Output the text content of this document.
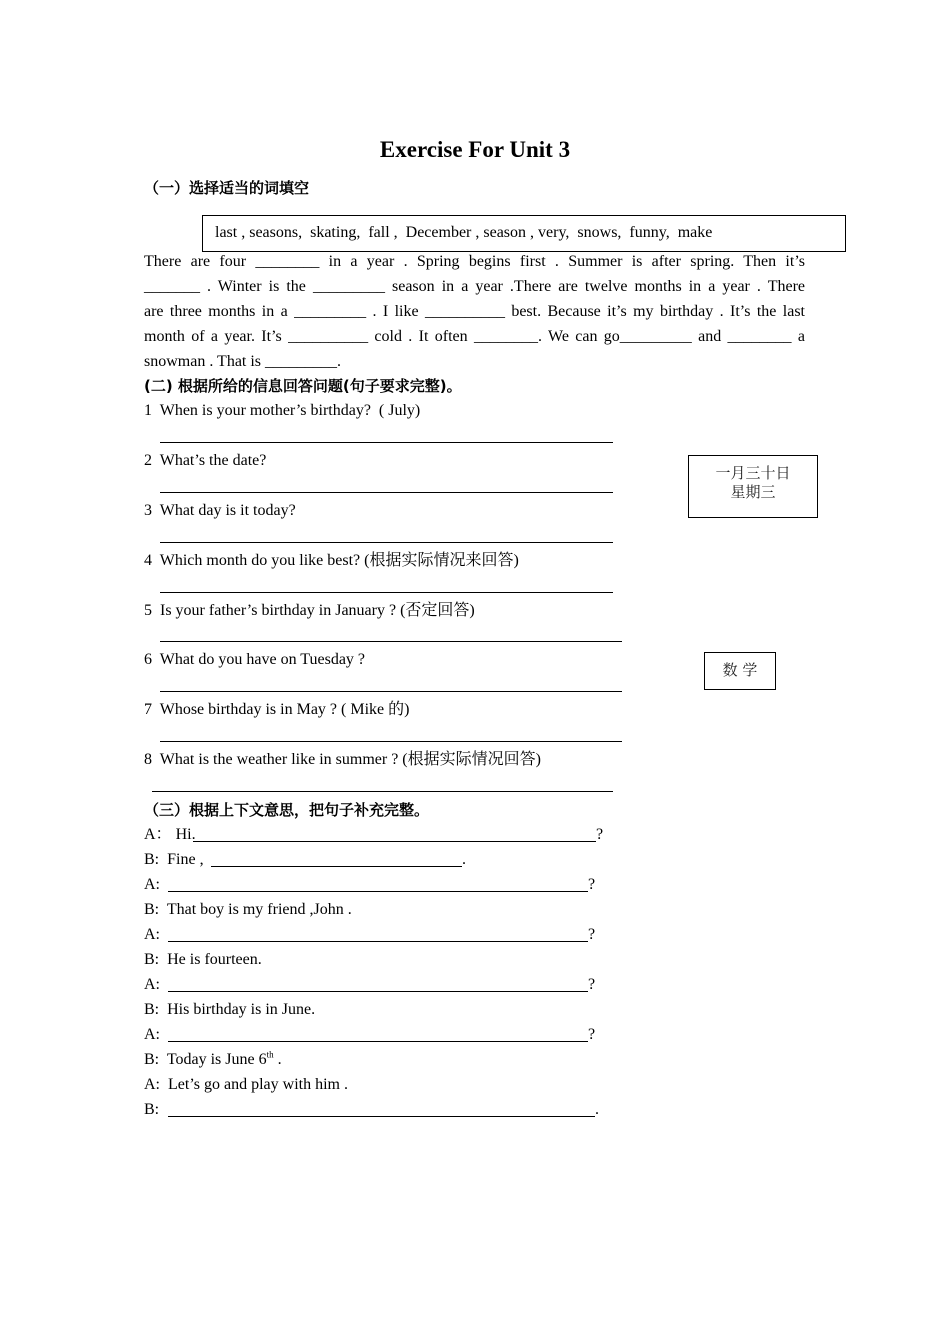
Exercise For Unit 3
（一）选择适当的词填空
last , seasons,  skating,  fall ,  December , season , very,  snows,  funny,  make
There are four ________ in a year . Spring begins first . Summer is after spring. Then it’s
_______ . Winter is the _________ season in a year .There are twelve months in a year . There
are three months in a _________ . I like __________ best. Because it’s my birthday . It’s the last
month of a year. It’s __________ cold . It often ________. We can go_________ and ________ a
snowman . That is _________.
(二) 根据所给的信息回答问题(句子要求完整)。
1 When is your mother’s birthday?  ( July)
2 What’s the date?
3 What day is it today?
4 Which month do you like best? (根据实际情况来回答)
5 Is your father’s birthday in January ? (否定回答)
6 What do you have on Tuesday ?
7 Whose birthday is in May ? ( Mike 的)
8 What is the weather like in summer ? (根据实际情况回答)
一月三十日
星期三
数 学
（三）根据上下文意思，把句子补充完整。
A： Hi.	?
B: Fine ,	.
A:	?
B: That boy is my friend ,John .
A:	?
B: He is fourteen.
A:	?
B: His birthday is in June.
A:	?
B: Today is June 6th .
A: Let’s go and play with him .
B:	.
